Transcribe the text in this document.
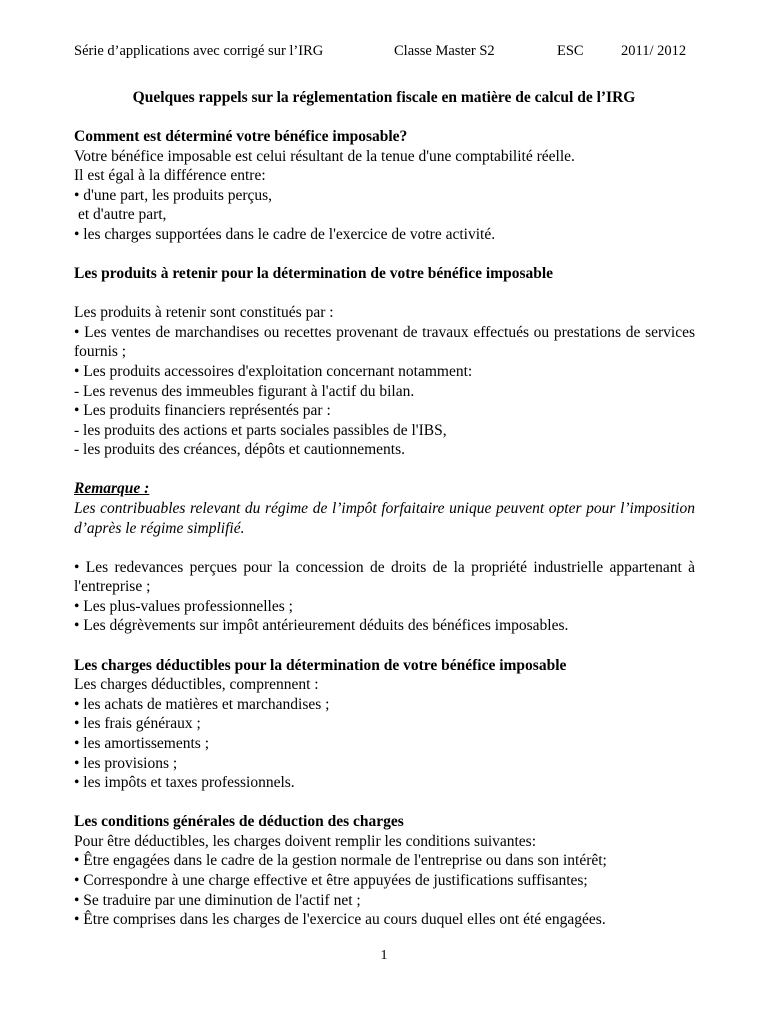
Série d’applications avec corrigé sur l’IRG	Classe Master S2	ESC	2011/ 2012
Quelques rappels sur la réglementation fiscale en matière de calcul de l’IRG

Comment est déterminé votre bénéfice imposable?

Votre bénéfice imposable est celui résultant de la tenue d'une comptabilité réelle.

Il est égal à la différence entre:

• d'une part, les produits perçus,

et d'autre part,

• les charges supportées dans le cadre de l'exercice de votre activité.

Les produits à retenir pour la détermination de votre bénéfice imposable

Les produits à retenir sont constitués par :

• Les ventes de marchandises ou recettes provenant de travaux effectués ou prestations de services fournis ;

• Les produits accessoires d'exploitation concernant notamment:

- Les revenus des immeubles figurant à l'actif du bilan.

• Les produits financiers représentés par :

- les produits des actions et parts sociales passibles de l'IBS,

- les produits des créances, dépôts et cautionnements.

Remarque :

Les contribuables relevant du régime de l’impôt forfaitaire unique peuvent opter pour l’imposition d’après le régime simplifié.

• Les redevances perçues pour la concession de droits de la propriété industrielle appartenant à l'entreprise ;

• Les plus-values professionnelles ;

• Les dégrèvements sur impôt antérieurement déduits des bénéfices imposables.

Les charges déductibles pour la détermination de votre bénéfice imposable

Les charges déductibles, comprennent :

• les achats de matières et marchandises ;

• les frais généraux ;

• les amortissements ;

• les provisions ;

• les impôts et taxes professionnels.

Les conditions générales de déduction des charges

Pour être déductibles, les charges doivent remplir les conditions suivantes:

• Être engagées dans le cadre de la gestion normale de l'entreprise ou dans son intérêt;

• Correspondre à une charge effective et être appuyées de justifications suffisantes;

• Se traduire par une diminution de l'actif net ;

• Être comprises dans les charges de l'exercice au cours duquel elles ont été engagées.

1
